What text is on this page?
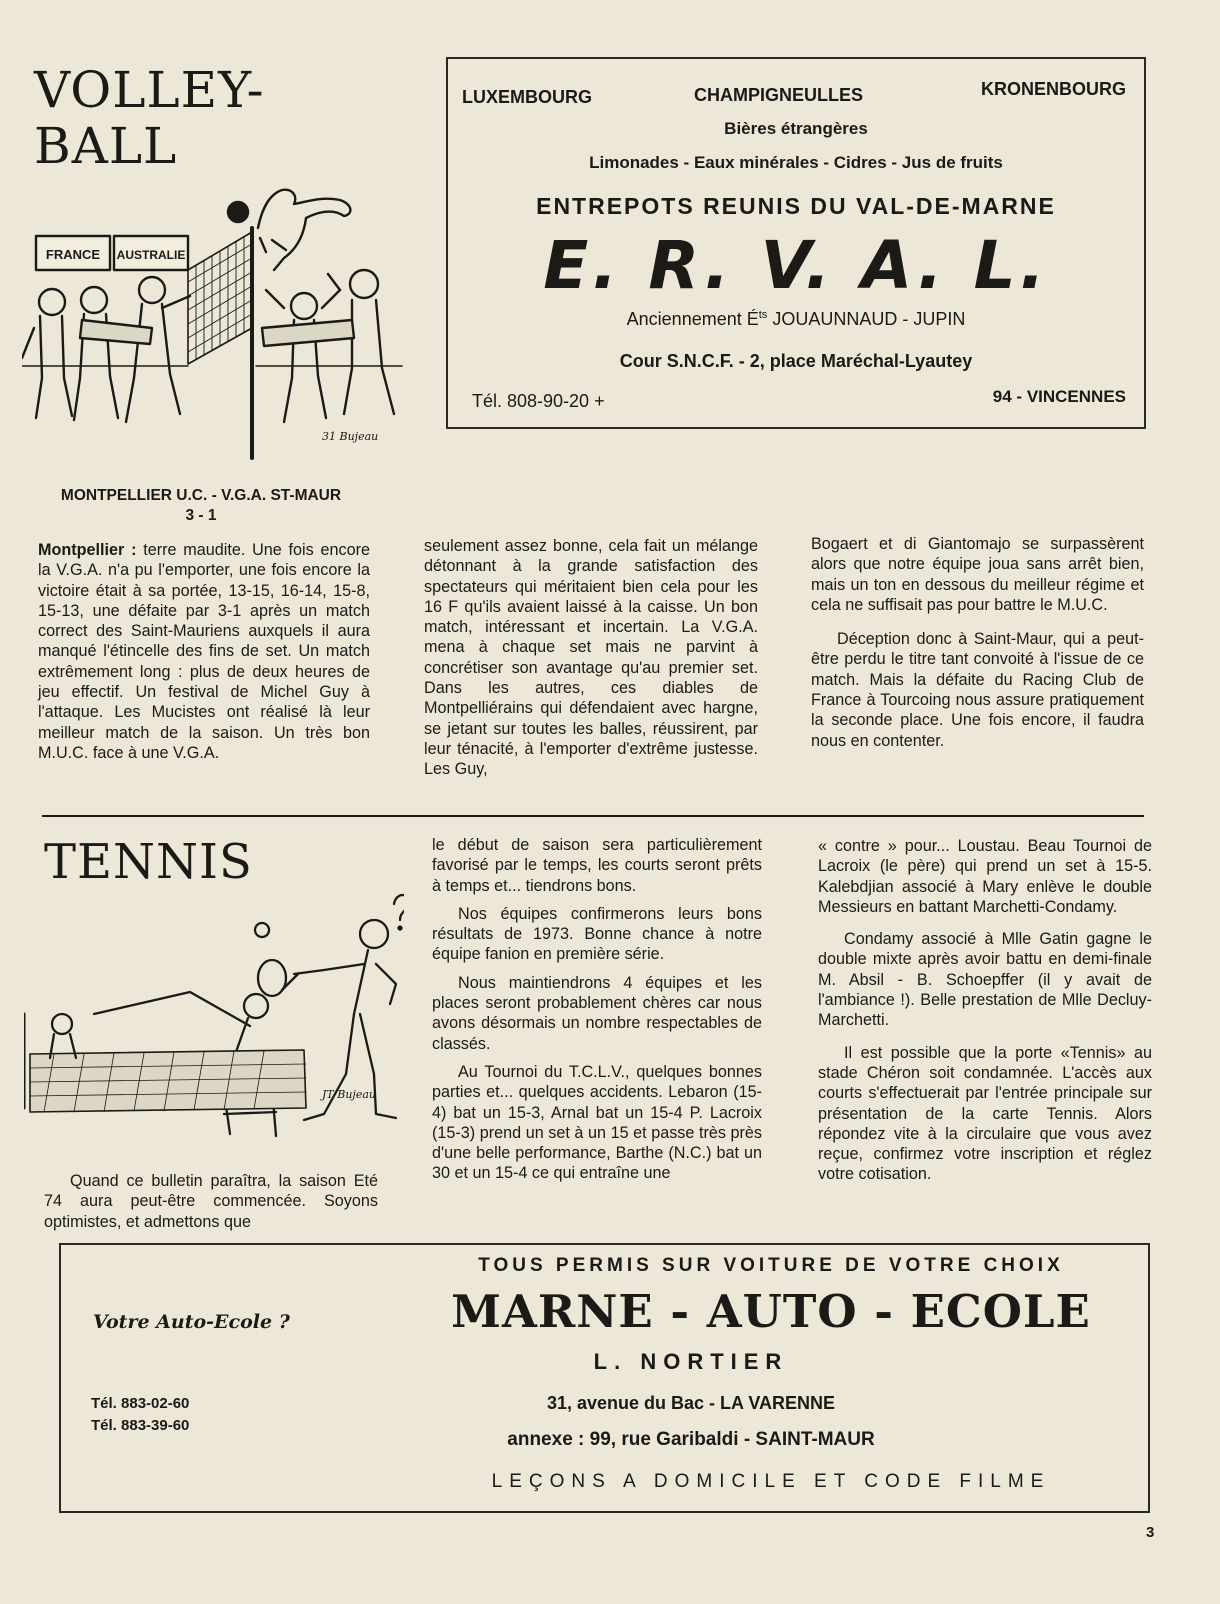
VOLLEY-
BALL
FRANCE AUSTRALIE
31 Bujeau
MONTPELLIER U.C. - V.G.A. ST-MAUR
3 - 1

Montpellier : terre maudite. Une fois encore la V.G.A. n'a pu l'emporter, une fois encore la victoire était à sa portée, 13-15, 16-14, 15-8, 15-13, une défaite par 3-1 après un match correct des Saint-Mauriens auxquels il aura manqué l'étincelle des fins de set. Un match extrêmement long : plus de deux heures de jeu effectif. Un festival de Michel Guy à l'attaque. Les Mucistes ont réalisé là leur meilleur match de la saison. Un très bon M.U.C. face à une V.G.A.

seulement assez bonne, cela fait un mélange détonnant à la grande satisfaction des spectateurs qui méritaient bien cela pour les 16 F qu'ils avaient laissé à la caisse. Un bon match, intéressant et incertain. La V.G.A. mena à chaque set mais ne parvint à concrétiser son avantage qu'au premier set. Dans les autres, ces diables de Montpelliérains qui défendaient avec hargne, se jetant sur toutes les balles, réussirent, par leur ténacité, à l'emporter d'extrême justesse. Les Guy,

Bogaert et di Giantomajo se surpassèrent alors que notre équipe joua sans arrêt bien, mais un ton en dessous du meilleur régime et cela ne suffisait pas pour battre le M.U.C.

Déception donc à Saint-Maur, qui a peut-être perdu le titre tant convoité à l'issue de ce match. Mais la défaite du Racing Club de France à Tourcoing nous assure pratiquement la seconde place. Une fois encore, il faudra nous en contenter.

LUXEMBOURG	CHAMPIGNEULLES	KRONENBOURG
Bières étrangères
Limonades - Eaux minérales - Cidres - Jus de fruits
ENTREPOTS REUNIS DU VAL-DE-MARNE
E. R. V. A. L.
Anciennement $É^{ts}$ JOUAUNNAUD - JUPIN
Cour S.N.C.F. - 2, place Maréchal-Lyautey
Tél. 808-90-20 +	94 - VINCENNES
TENNIS
JT Bujeau

Quand ce bulletin paraîtra, la saison Eté 74 aura peut-être commencée. Soyons optimistes, et admettons que

le début de saison sera particulièrement favorisé par le temps, les courts seront prêts à temps et... tiendrons bons.

Nos équipes confirmerons leurs bons résultats de 1973. Bonne chance à notre équipe fanion en première série.

Nous maintiendrons 4 équipes et les places seront probablement chères car nous avons désormais un nombre respectables de classés.

Au Tournoi du T.C.L.V., quelques bonnes parties et... quelques accidents. Lebaron (15-4) bat un 15-3, Arnal bat un 15-4 P. Lacroix (15-3) prend un set à un 15 et passe très près d'une belle performance, Barthe (N.C.) bat un 30 et un 15-4 ce qui entraîne une

« contre » pour... Loustau. Beau Tournoi de Lacroix (le père) qui prend un set à 15-5. Kalebdjian associé à Mary enlève le double Messieurs en battant Marchetti-Condamy.

Condamy associé à Mlle Gatin gagne le double mixte après avoir battu en demi-finale M. Absil - B. Schoepffer (il y avait de l'ambiance !). Belle prestation de Mlle Decluy-Marchetti.

Il est possible que la porte «Tennis» au stade Chéron soit condamnée. L'accès aux courts s'effectuerait par l'entrée principale sur présentation de la carte Tennis. Alors répondez vite à la circulaire que vous avez reçue, confirmez votre inscription et réglez votre cotisation.

Votre Auto-Ecole ?
Tél. 883-02-60
Tél. 883-39-60
TOUS PERMIS SUR VOITURE DE VOTRE CHOIX
MARNE - AUTO - ECOLE
L. NORTIER
31, avenue du Bac - LA VARENNE
annexe : 99, rue Garibaldi - SAINT-MAUR
LEÇONS A DOMICILE ET CODE FILME
3
